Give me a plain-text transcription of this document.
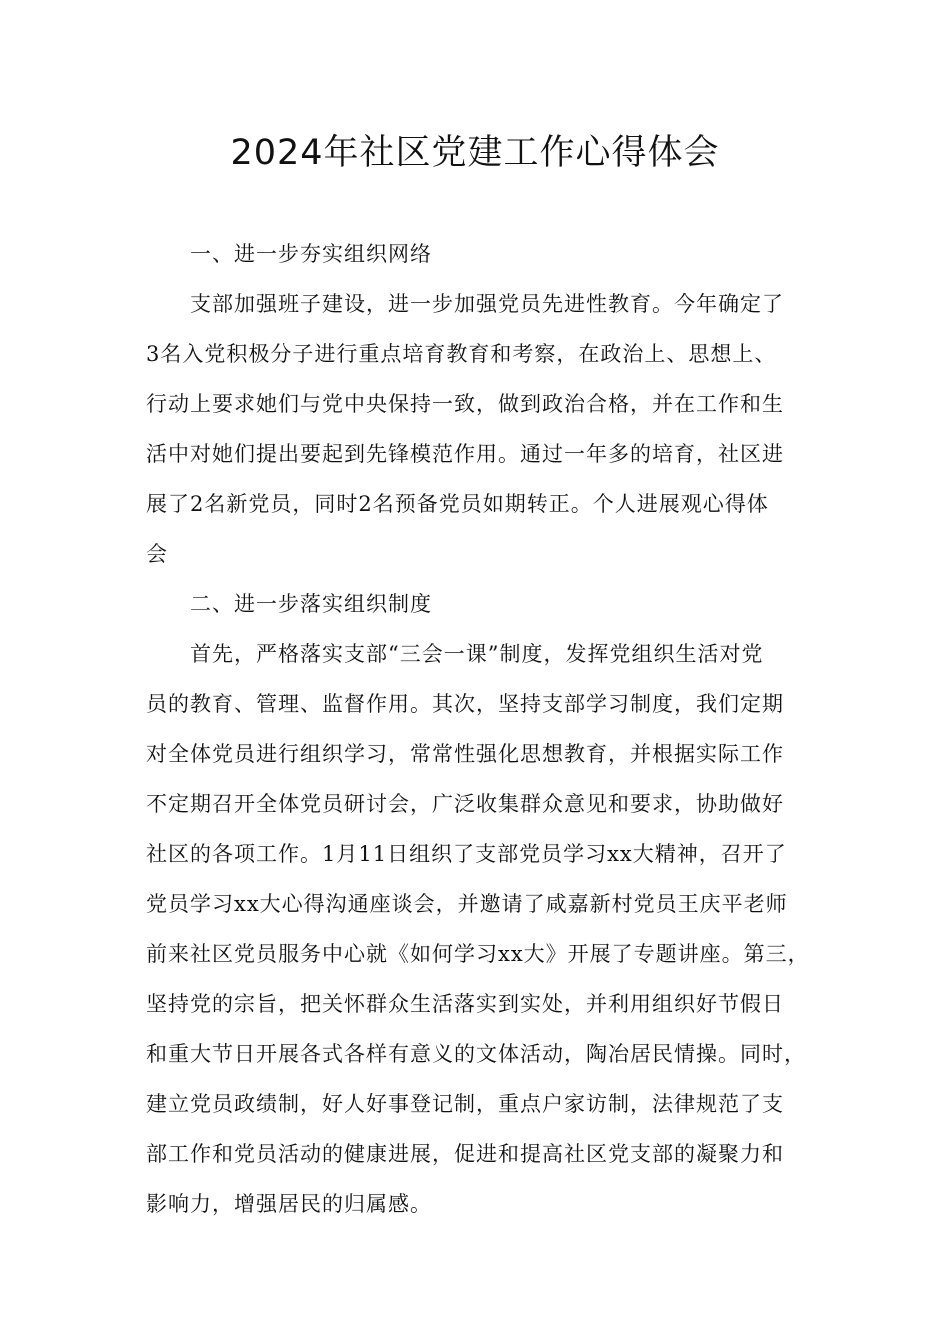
2024年社区党建工作心得体会

一、进一步夯实组织网络

支部加强班子建设，进一步加强党员先进性教育。今年确定了
3名入党积极分子进行重点培育教育和考察，在政治上、思想上、
行动上要求她们与党中央保持一致，做到政治合格，并在工作和生
活中对她们提出要起到先锋模范作用。通过一年多的培育，社区进
展了2名新党员，同时2名预备党员如期转正。个人进展观心得体
会

二、进一步落实组织制度

首先，严格落实支部“三会一课”制度，发挥党组织生活对党
员的教育、管理、监督作用。其次，坚持支部学习制度，我们定期
对全体党员进行组织学习，常常性强化思想教育，并根据实际工作
不定期召开全体党员研讨会，广泛收集群众意见和要求，协助做好
社区的各项工作。1月11日组织了支部党员学习xx大精神，召开了
党员学习xx大心得沟通座谈会，并邀请了咸嘉新村党员王庆平老师
前来社区党员服务中心就《如何学习xx大》开展了专题讲座。第三，
坚持党的宗旨，把关怀群众生活落实到实处，并利用组织好节假日
和重大节日开展各式各样有意义的文体活动，陶冶居民情操。同时，
建立党员政绩制，好人好事登记制，重点户家访制，法律规范了支
部工作和党员活动的健康进展，促进和提高社区党支部的凝聚力和
影响力，增强居民的归属感。
